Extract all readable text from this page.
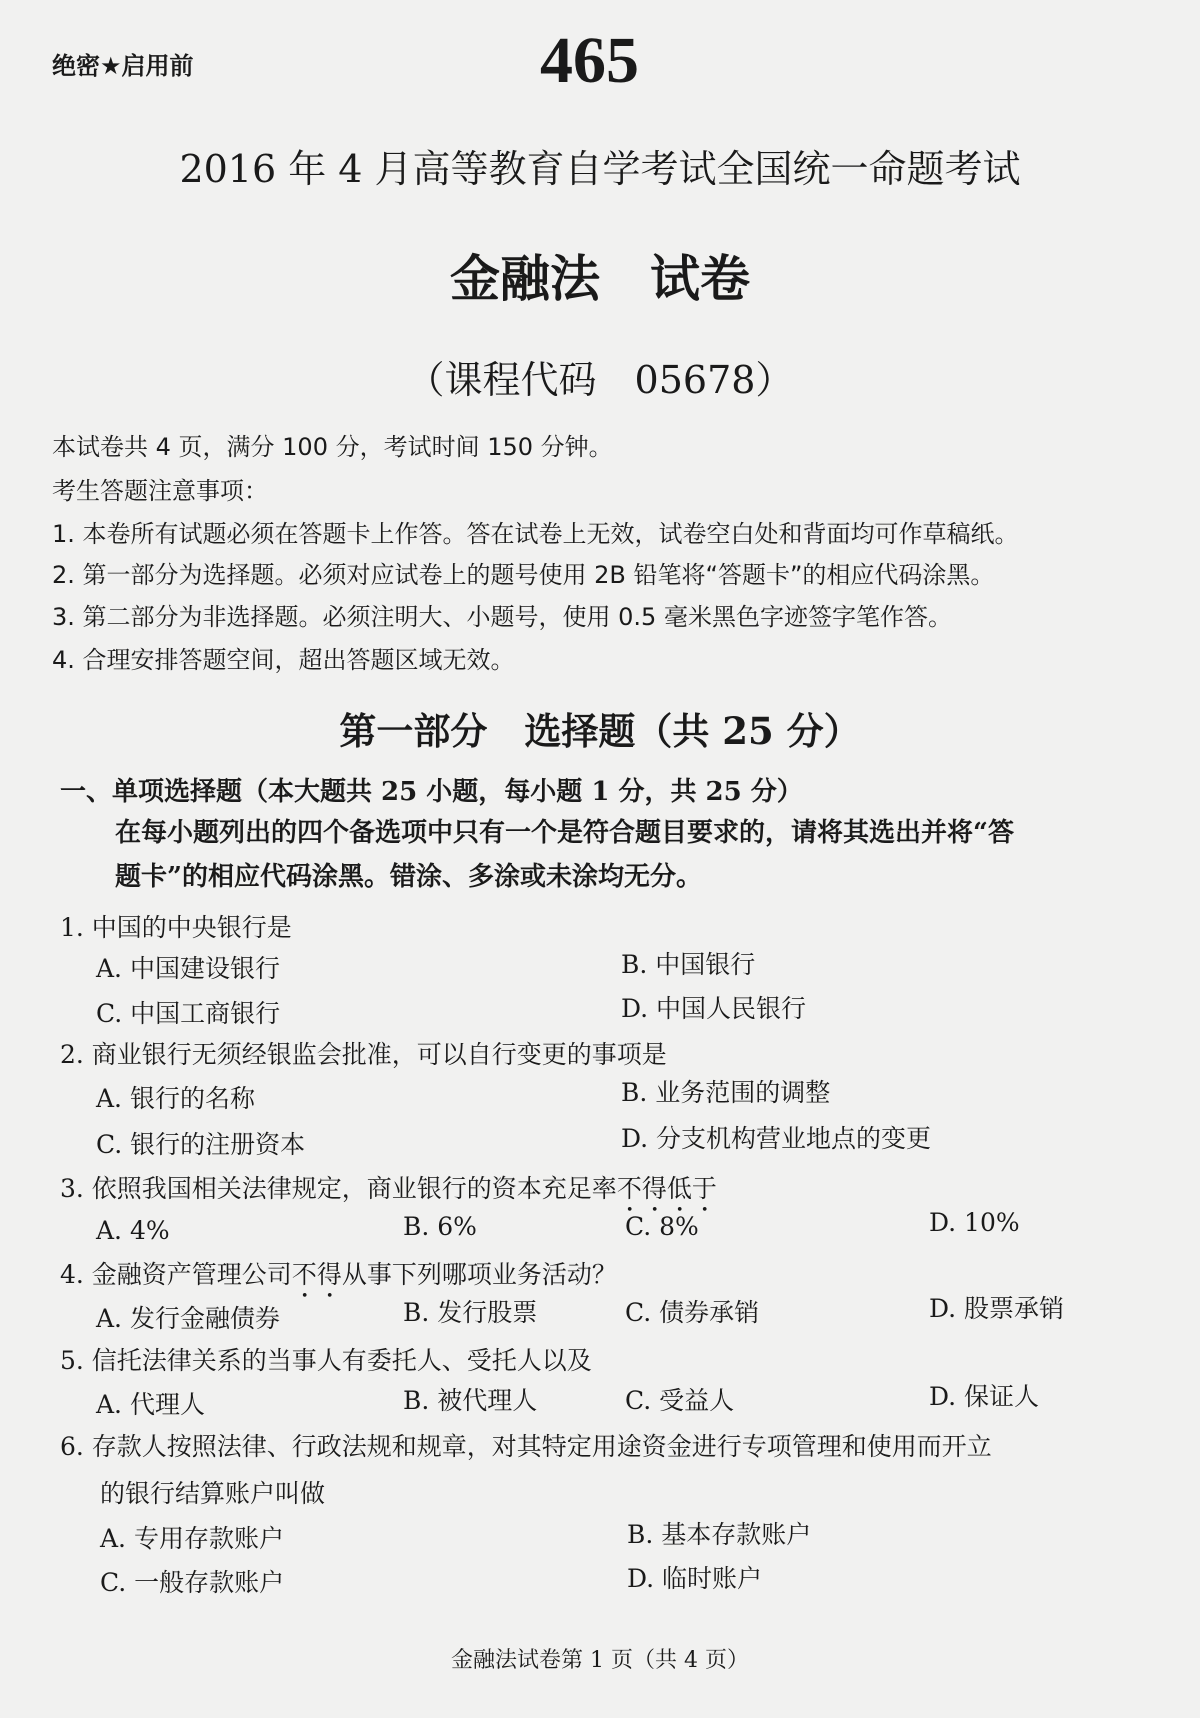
绝密★启用前	465
2016 年 4 月高等教育自学考试全国统一命题考试
金融法　试卷
（课程代码　05678）
本试卷共 4 页，满分 100 分，考试时间 150 分钟。
考生答题注意事项：
1. 本卷所有试题必须在答题卡上作答。答在试卷上无效，试卷空白处和背面均可作草稿纸。
2. 第一部分为选择题。必须对应试卷上的题号使用 2B 铅笔将“答题卡”的相应代码涂黑。
3. 第二部分为非选择题。必须注明大、小题号，使用 0.5 毫米黑色字迹签字笔作答。
4. 合理安排答题空间，超出答题区域无效。
第一部分　选择题（共 25 分）
一、单项选择题（本大题共 25 小题，每小题 1 分，共 25 分）
在每小题列出的四个备选项中只有一个是符合题目要求的，请将其选出并将“答
题卡”的相应代码涂黑。错涂、多涂或未涂均无分。
1. 中国的中央银行是
A. 中国建设银行	B. 中国银行
C. 中国工商银行	D. 中国人民银行
2. 商业银行无须经银监会批准，可以自行变更的事项是
A. 银行的名称	B. 业务范围的调整
C. 银行的注册资本	D. 分支机构营业地点的变更
3. 依照我国相关法律规定，商业银行的资本充足率不得低于
A. 4%	B. 6%	C. 8%	D. 10%
4. 金融资产管理公司不得从事下列哪项业务活动？
A. 发行金融债券	B. 发行股票	C. 债券承销	D. 股票承销
5. 信托法律关系的当事人有委托人、受托人以及
A. 代理人	B. 被代理人	C. 受益人	D. 保证人
6. 存款人按照法律、行政法规和规章，对其特定用途资金进行专项管理和使用而开立
的银行结算账户叫做
A. 专用存款账户	B. 基本存款账户
C. 一般存款账户	D. 临时账户
金融法试卷第 1 页（共 4 页）
